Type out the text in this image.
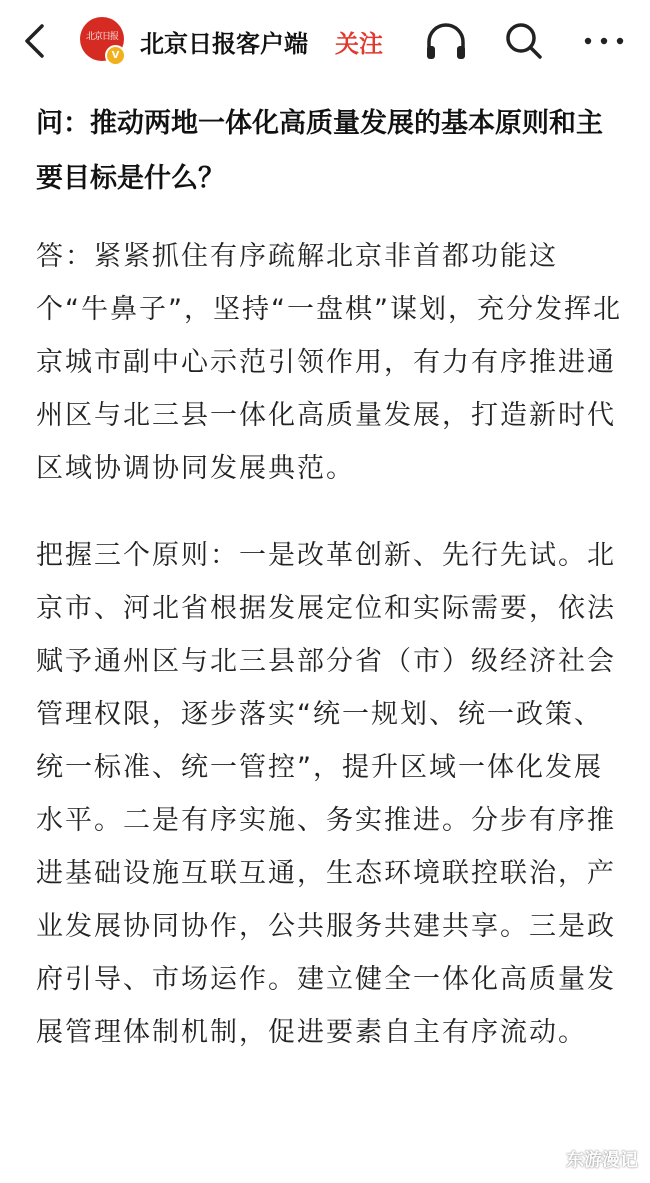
北京日报
V 北京日报客户端 关注

问：推动两地一体化高质量发展的基本原则和主要目标是什么？

答：紧紧抓住有序疏解北京非首都功能这个“牛鼻子”，坚持“一盘棋”谋划，充分发挥北京城市副中心示范引领作用，有力有序推进通州区与北三县一体化高质量发展，打造新时代区域协调协同发展典范。

把握三个原则：一是改革创新、先行先试。北京市、河北省根据发展定位和实际需要，依法赋予通州区与北三县部分省（市）级经济社会管理权限，逐步落实“统一规划、统一政策、统一标准、统一管控”，提升区域一体化发展水平。二是有序实施、务实推进。分步有序推进基础设施互联互通，生态环境联控联治，产业发展协同协作，公共服务共建共享。三是政府引导、市场运作。建立健全一体化高质量发展管理体制机制，促进要素自主有序流动。

东游漫记
